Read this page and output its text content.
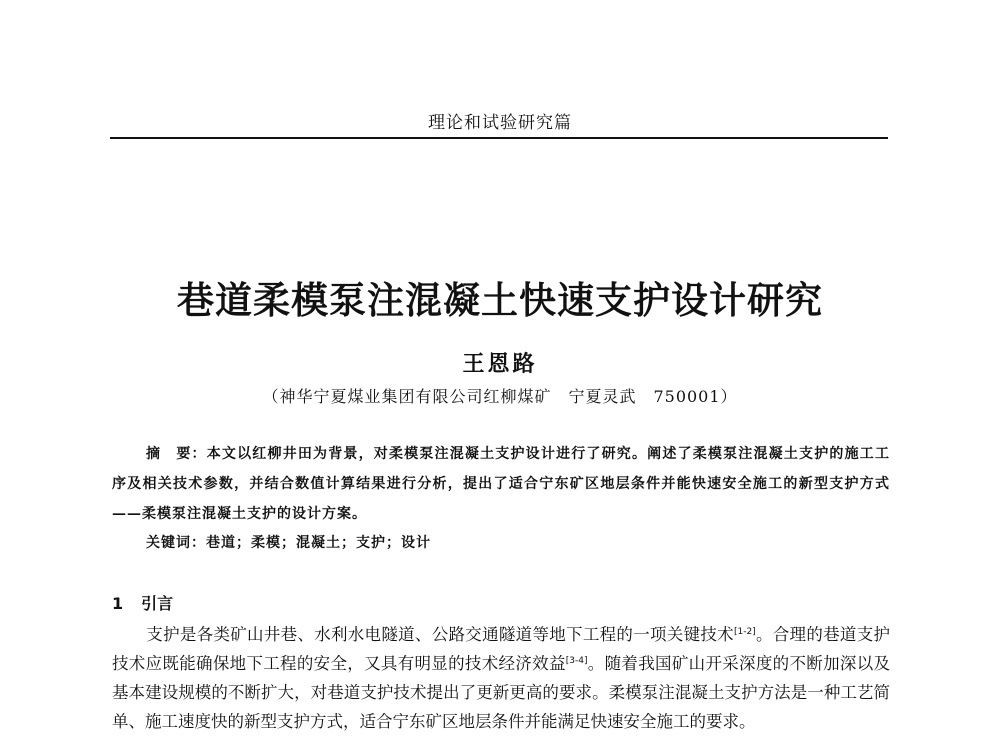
理论和试验研究篇
巷道柔模泵注混凝土快速支护设计研究
王恩路
（神华宁夏煤业集团有限公司红柳煤矿　宁夏灵武　750001）
摘　要：本文以红柳井田为背景，对柔模泵注混凝土支护设计进行了研究。阐述了柔模泵注混凝土支护的施工工序及相关技术参数，并结合数值计算结果进行分析，提出了适合宁东矿区地层条件并能快速安全施工的新型支护方式——柔模泵注混凝土支护的设计方案。
关键词：巷道；柔模；混凝土；支护；设计
1 引言
支护是各类矿山井巷、水利水电隧道、公路交通隧道等地下工程的一项关键技术[1-2]。合理的巷道支护技术应既能确保地下工程的安全，又具有明显的技术经济效益[3-4]。随着我国矿山开采深度的不断加深以及基本建设规模的不断扩大，对巷道支护技术提出了更新更高的要求。柔模泵注混凝土支护方法是一种工艺简单、施工速度快的新型支护方式，适合宁东矿区地层条件并能满足快速安全施工的要求。
